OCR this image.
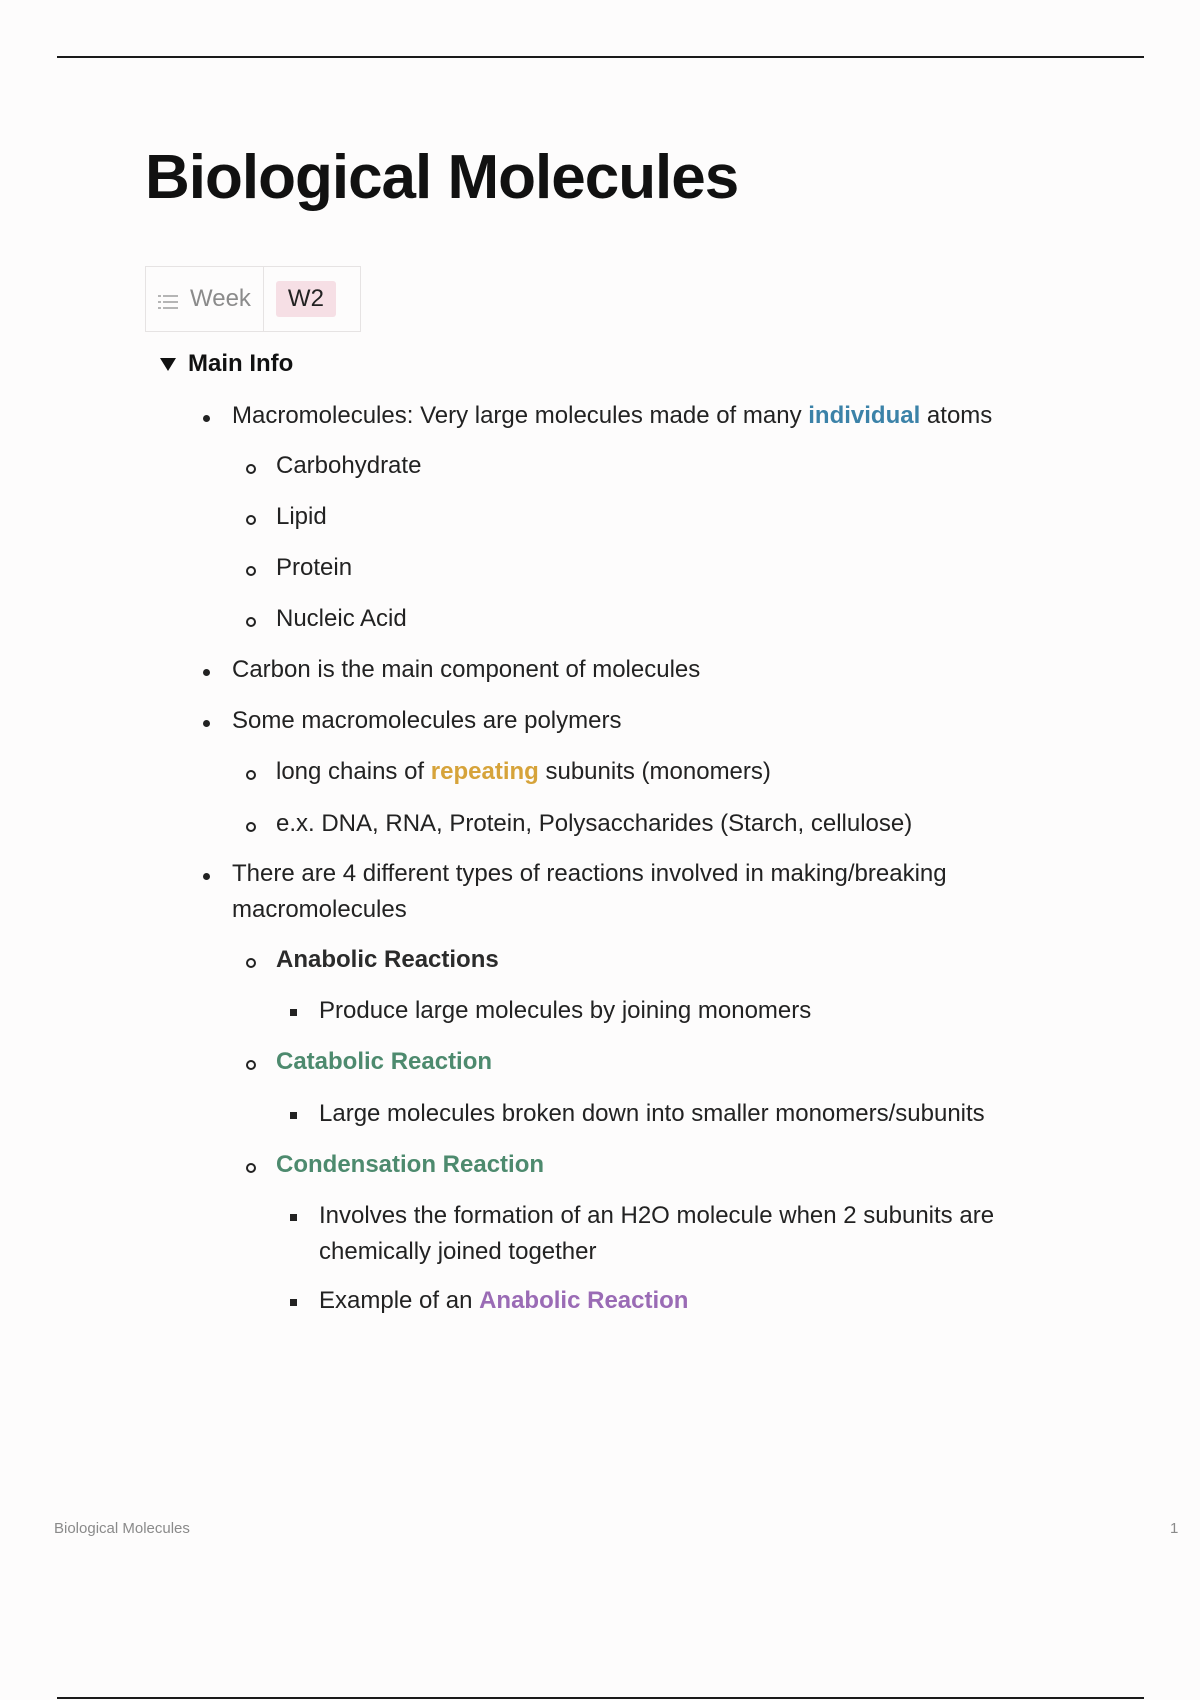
Biological Molecules
Week	W2
Main Info
Macromolecules: Very large molecules made of many individual atoms
Carbohydrate
Lipid
Protein
Nucleic Acid
Carbon is the main component of molecules
Some macromolecules are polymers
long chains of repeating subunits (monomers)
e.x. DNA, RNA, Protein, Polysaccharides (Starch, cellulose)
There are 4 different types of reactions involved in making/breaking macromolecules
Anabolic Reactions
Produce large molecules by joining monomers
Catabolic Reaction
Large molecules broken down into smaller monomers/subunits
Condensation Reaction
Involves the formation of an H2O molecule when 2 subunits are chemically joined together
Example of an Anabolic Reaction
Biological Molecules	1
